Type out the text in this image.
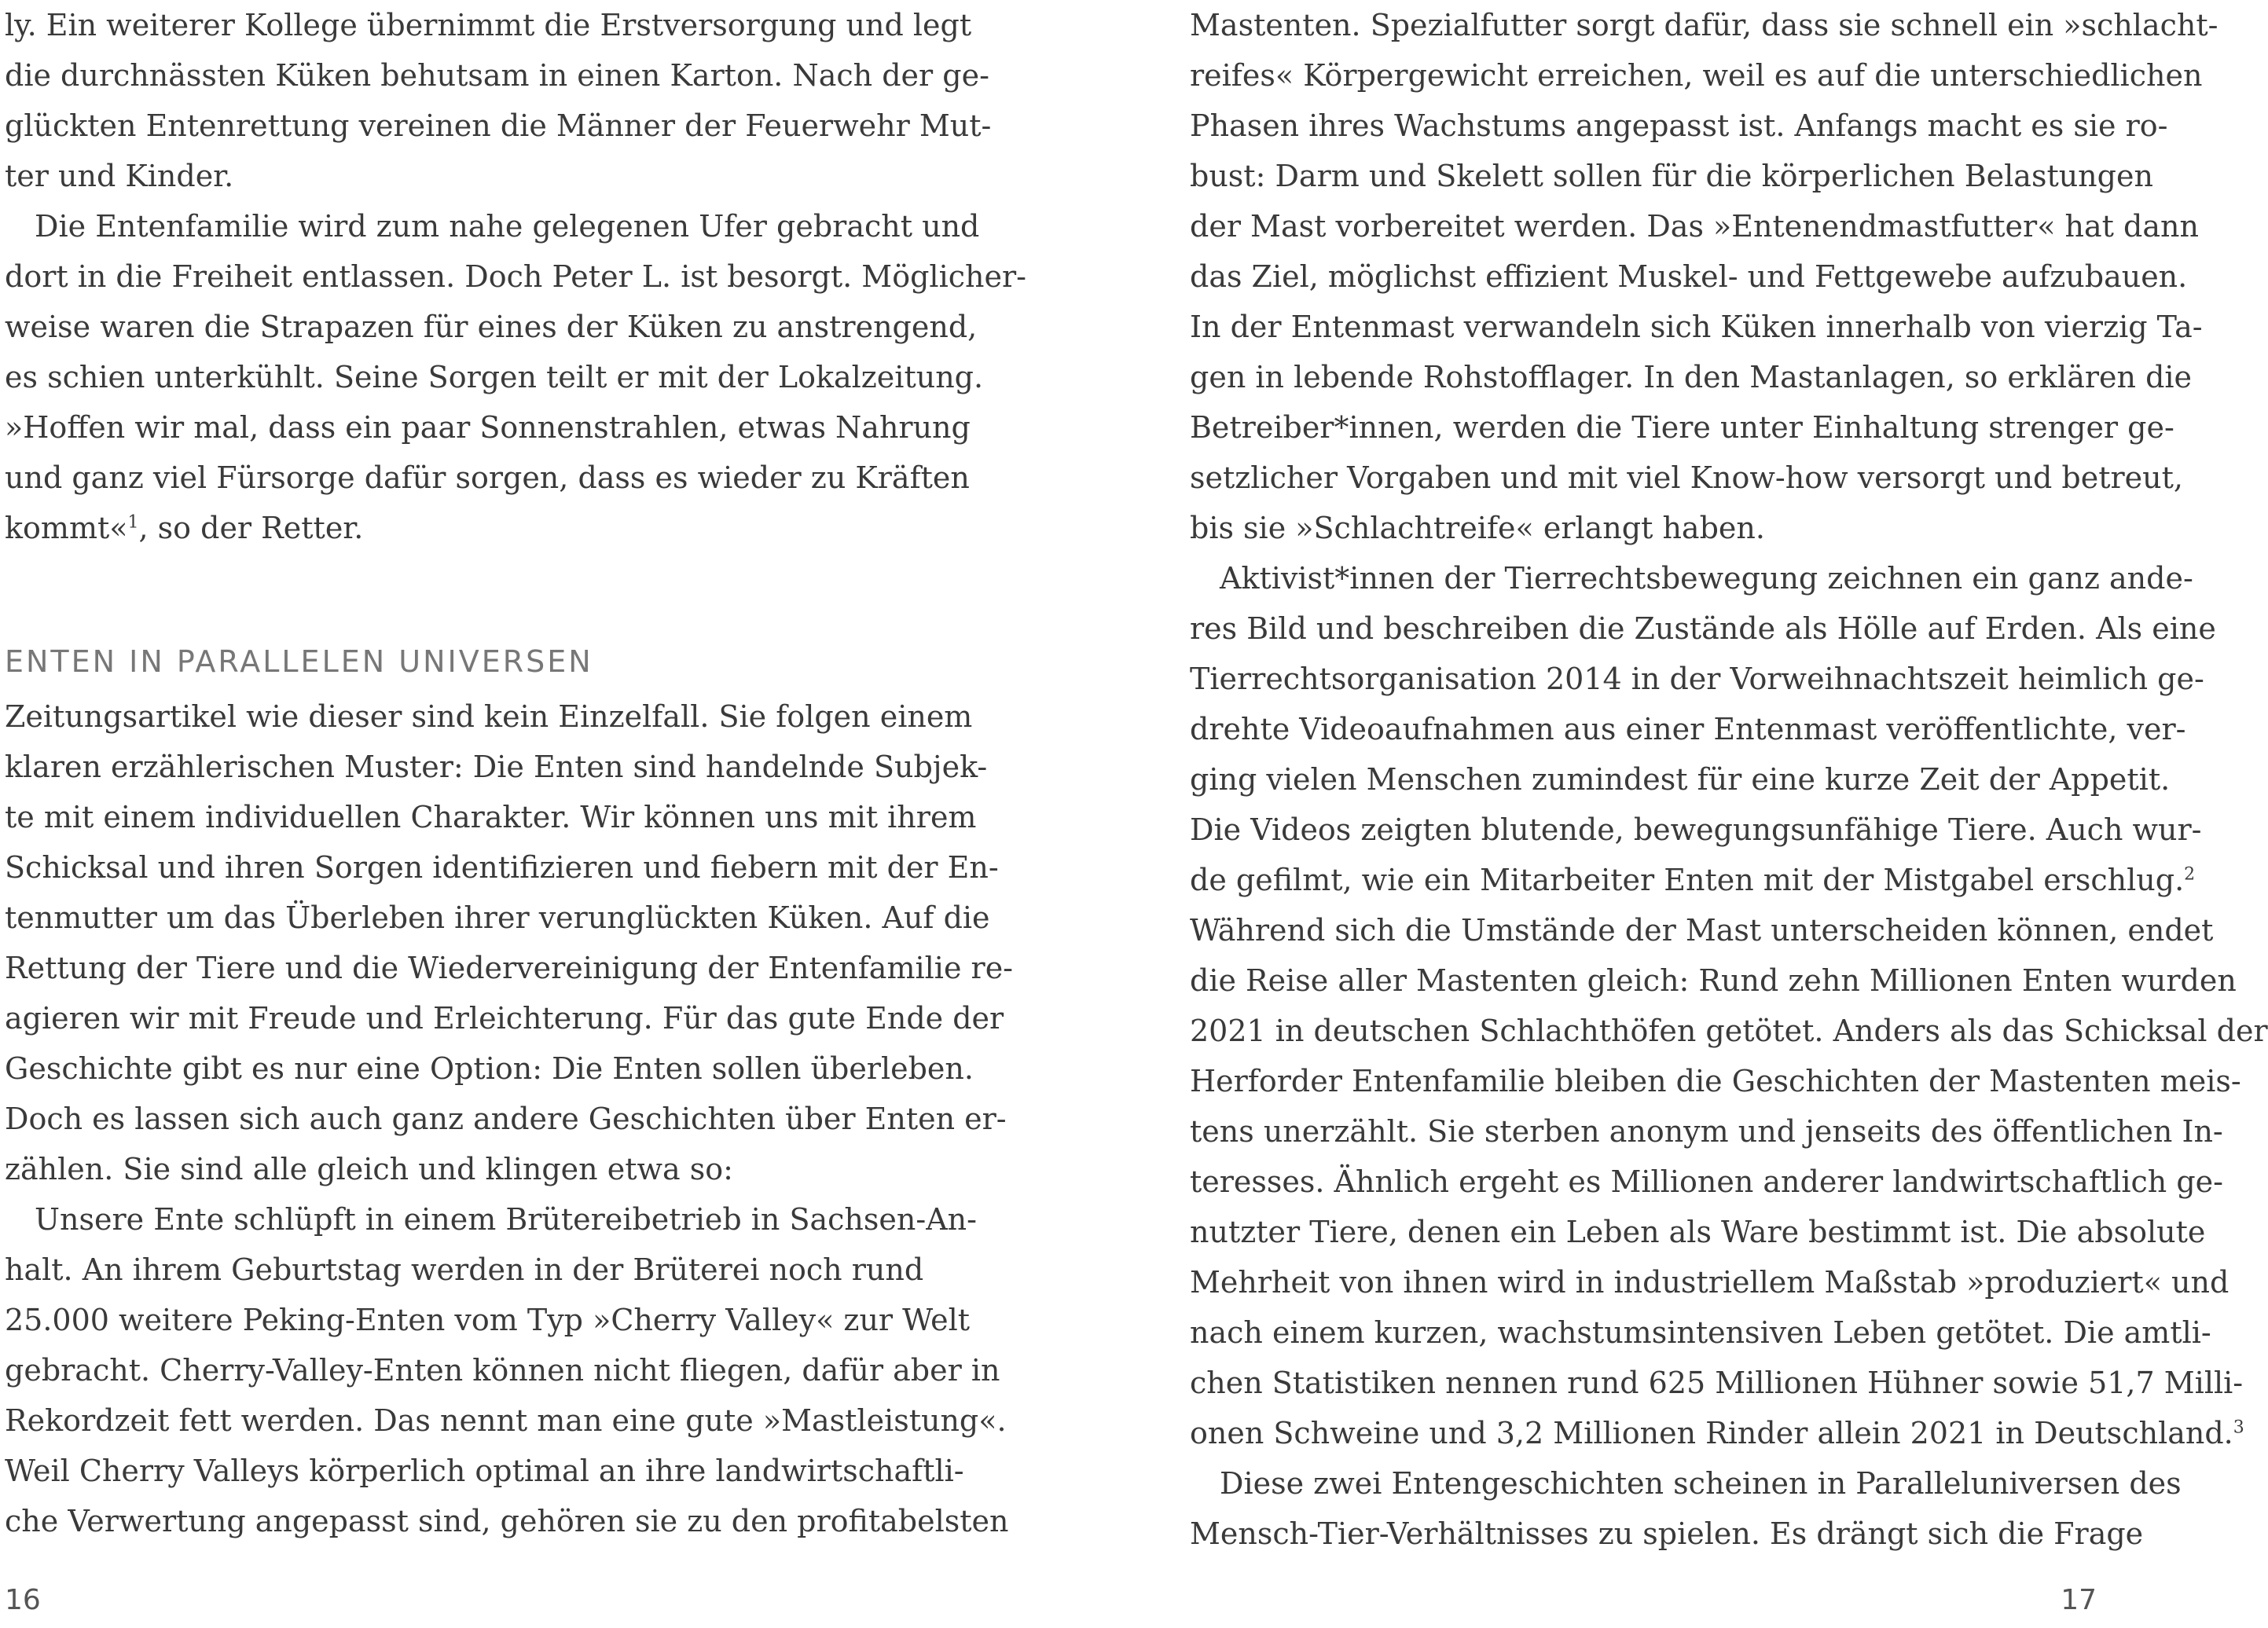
ly. Ein weiterer Kollege übernimmt die Erstversorgung und legt
die durchnässten Küken behutsam in einen Karton. Nach der ge-
glückten Entenrettung vereinen die Männer der Feuerwehr Mut-
ter und Kinder.
Die Entenfamilie wird zum nahe gelegenen Ufer gebracht und
dort in die Freiheit entlassen. Doch Peter L. ist besorgt. Möglicher-
weise waren die Strapazen für eines der Küken zu anstrengend,
es schien unterkühlt. Seine Sorgen teilt er mit der Lokalzeitung.
»Hoffen wir mal, dass ein paar Sonnenstrahlen, etwas Nahrung
und ganz viel Fürsorge dafür sorgen, dass es wieder zu Kräften
kommt«$^1$, so der Retter.
ENTEN IN PARALLELEN UNIVERSEN
Zeitungsartikel wie dieser sind kein Einzelfall. Sie folgen einem
klaren erzählerischen Muster: Die Enten sind handelnde Subjek-
te mit einem individuellen Charakter. Wir können uns mit ihrem
Schicksal und ihren Sorgen identifizieren und fiebern mit der En-
tenmutter um das Überleben ihrer verunglückten Küken. Auf die
Rettung der Tiere und die Wiedervereinigung der Entenfamilie re-
agieren wir mit Freude und Erleichterung. Für das gute Ende der
Geschichte gibt es nur eine Option: Die Enten sollen überleben.
Doch es lassen sich auch ganz andere Geschichten über Enten er-
zählen. Sie sind alle gleich und klingen etwa so:
Unsere Ente schlüpft in einem Brütereibetrieb in Sachsen-An-
halt. An ihrem Geburtstag werden in der Brüterei noch rund
25.000 weitere Peking-Enten vom Typ »Cherry Valley« zur Welt
gebracht. Cherry-Valley-Enten können nicht fliegen, dafür aber in
Rekordzeit fett werden. Das nennt man eine gute »Mastleistung«.
Weil Cherry Valleys körperlich optimal an ihre landwirtschaftli-
che Verwertung angepasst sind, gehören sie zu den profitabelsten
16
Mastenten. Spezialfutter sorgt dafür, dass sie schnell ein »schlacht-
reifes« Körpergewicht erreichen, weil es auf die unterschiedlichen
Phasen ihres Wachstums angepasst ist. Anfangs macht es sie ro-
bust: Darm und Skelett sollen für die körperlichen Belastungen
der Mast vorbereitet werden. Das »Entenendmastfutter« hat dann
das Ziel, möglichst effizient Muskel- und Fettgewebe aufzubauen.
In der Entenmast verwandeln sich Küken innerhalb von vierzig Ta-
gen in lebende Rohstofflager. In den Mastanlagen, so erklären die
Betreiber*innen, werden die Tiere unter Einhaltung strenger ge-
setzlicher Vorgaben und mit viel Know-how versorgt und betreut,
bis sie »Schlachtreife« erlangt haben.
Aktivist*innen der Tierrechtsbewegung zeichnen ein ganz ande-
res Bild und beschreiben die Zustände als Hölle auf Erden. Als eine
Tierrechtsorganisation 2014 in der Vorweihnachtszeit heimlich ge-
drehte Videoaufnahmen aus einer Entenmast veröffentlichte, ver-
ging vielen Menschen zumindest für eine kurze Zeit der Appetit.
Die Videos zeigten blutende, bewegungsunfähige Tiere. Auch wur-
de gefilmt, wie ein Mitarbeiter Enten mit der Mistgabel erschlug.$^2$
Während sich die Umstände der Mast unterscheiden können, endet
die Reise aller Mastenten gleich: Rund zehn Millionen Enten wurden
2021 in deutschen Schlachthöfen getötet. Anders als das Schicksal der
Herforder Entenfamilie bleiben die Geschichten der Mastenten meis-
tens unerzählt. Sie sterben anonym und jenseits des öffentlichen In-
teresses. Ähnlich ergeht es Millionen anderer landwirtschaftlich ge-
nutzter Tiere, denen ein Leben als Ware bestimmt ist. Die absolute
Mehrheit von ihnen wird in industriellem Maßstab »produziert« und
nach einem kurzen, wachstumsintensiven Leben getötet. Die amtli-
chen Statistiken nennen rund 625 Millionen Hühner sowie 51,7 Milli-
onen Schweine und 3,2 Millionen Rinder allein 2021 in Deutschland.$^3$
Diese zwei Entengeschichten scheinen in Paralleluniversen des
Mensch-Tier-Verhältnisses zu spielen. Es drängt sich die Frage
17
